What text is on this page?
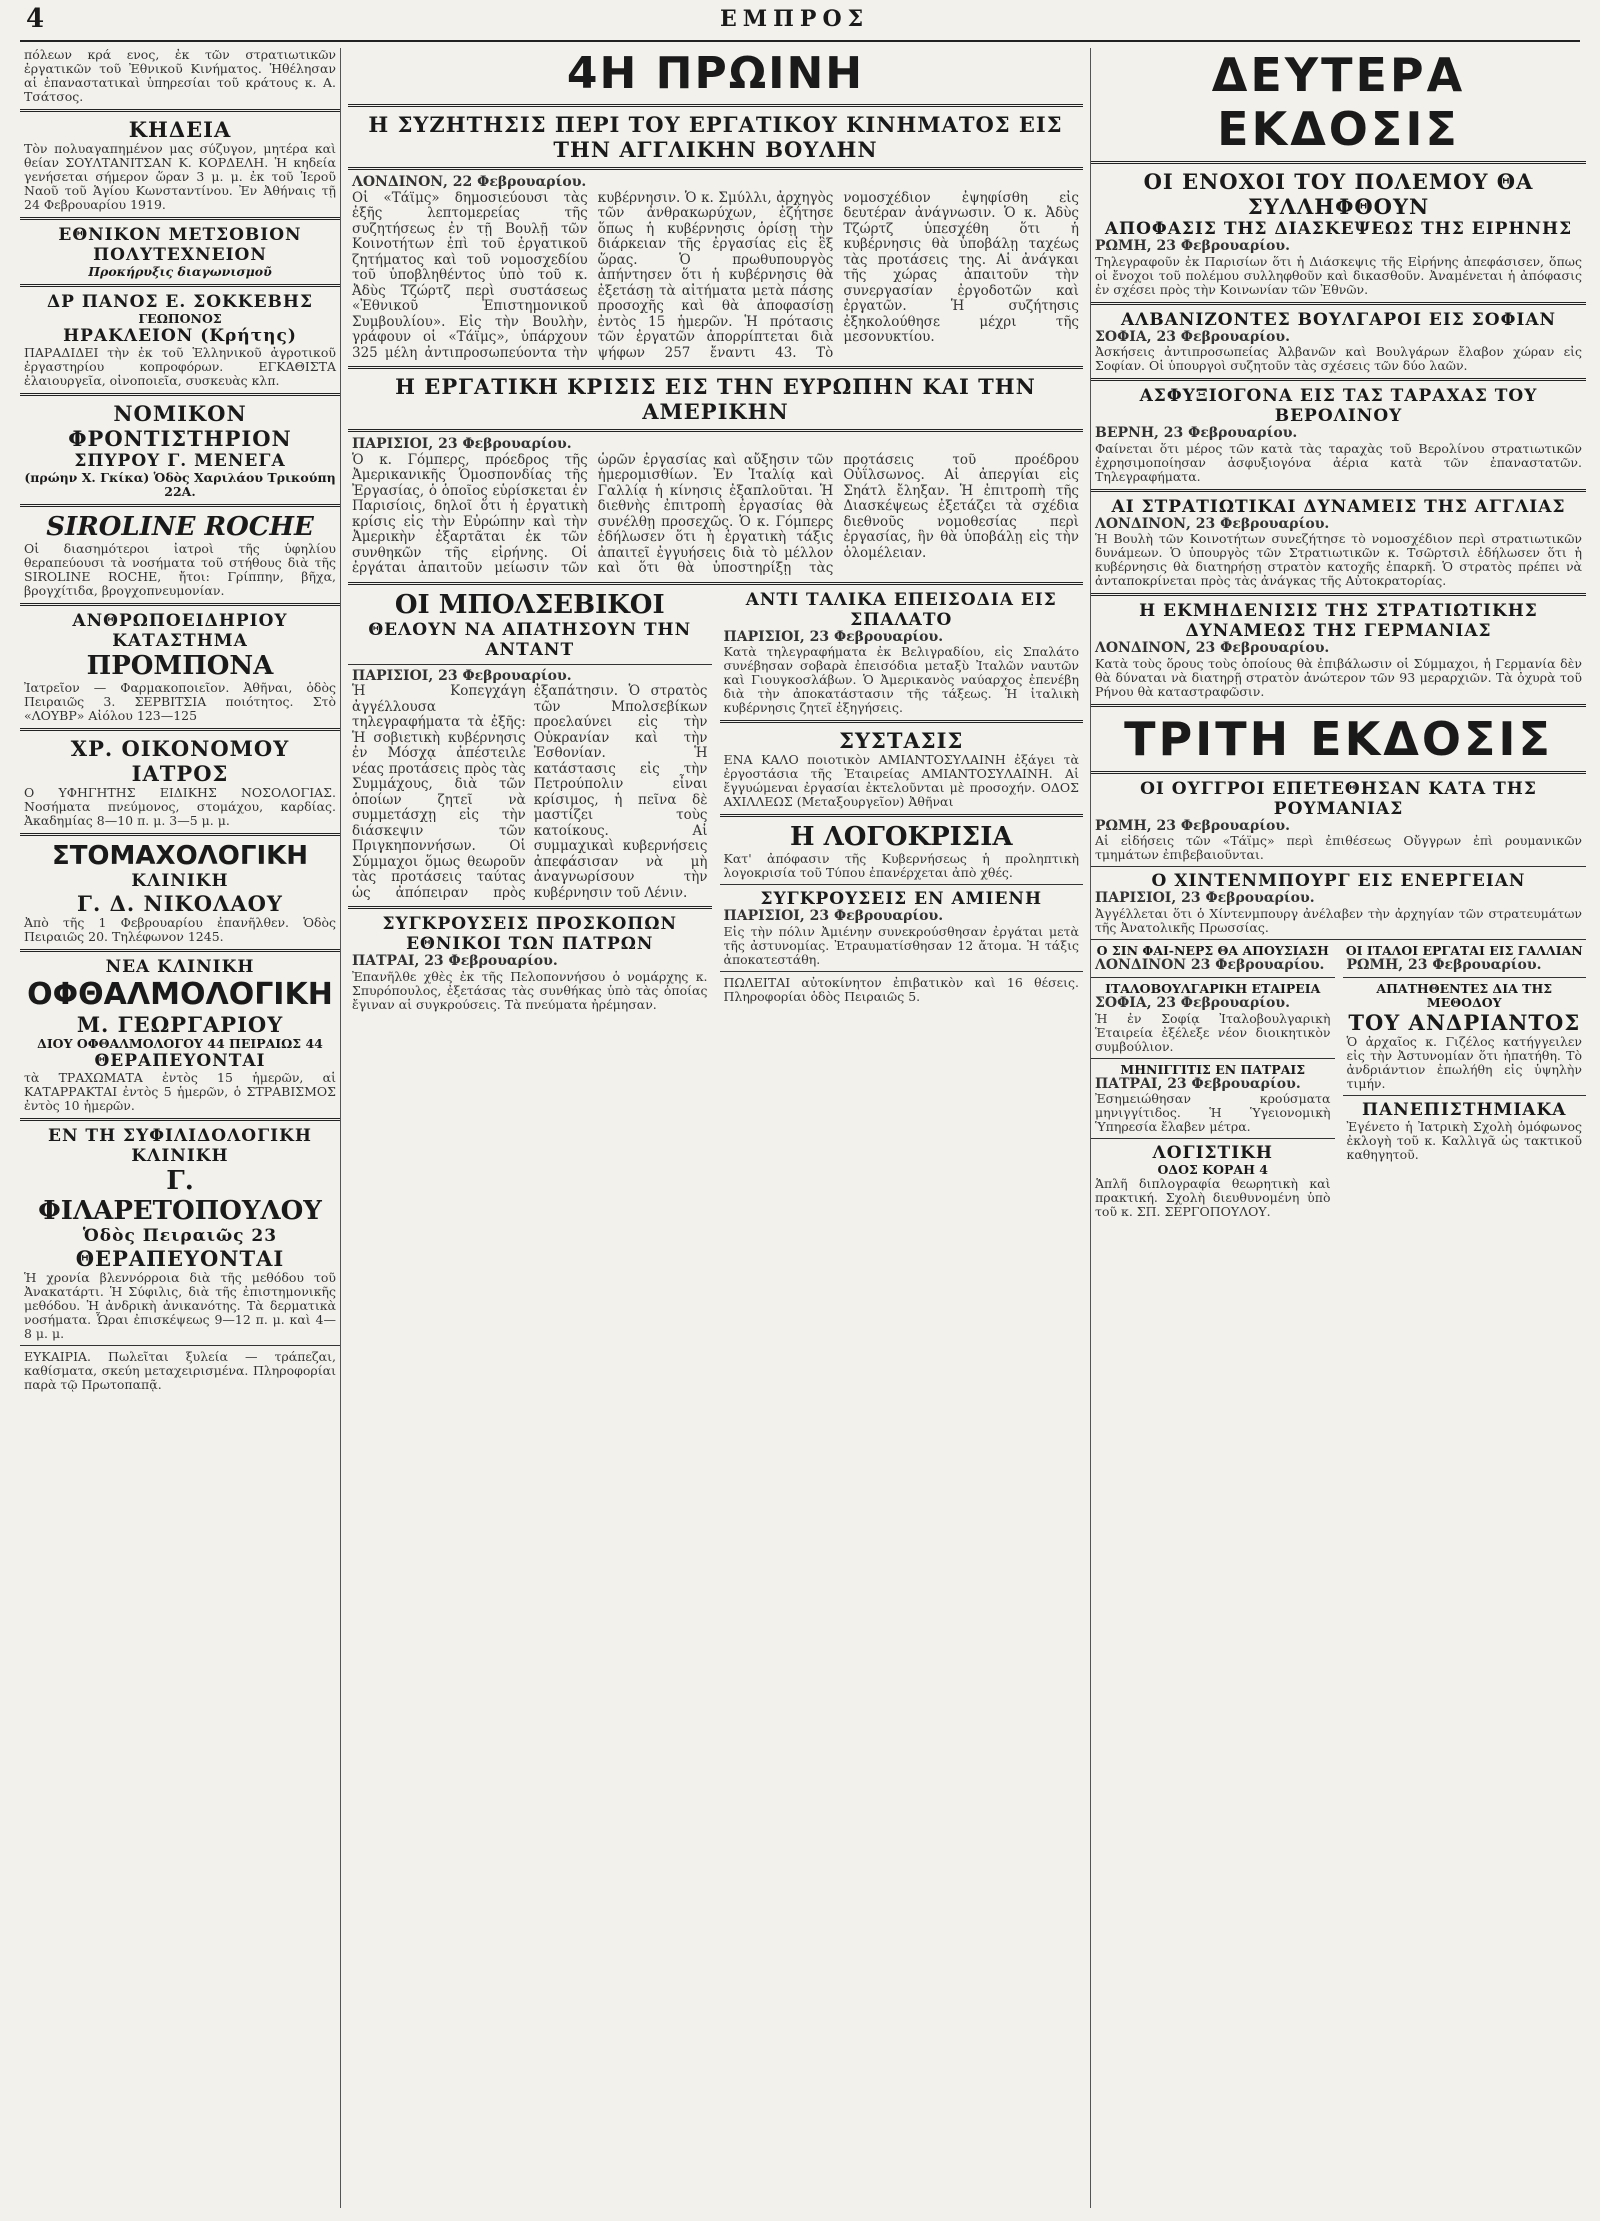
4	ΕΜΠΡΟΣ

πόλεων κρά ενος, ἐκ τῶν στρατιωτικῶν ἐργατικῶν τοῦ Ἐθνικοῦ Κινήματος. Ἡθέλησαν αἱ ἐπαναστατικαὶ ὑπηρεσίαι τοῦ κράτους κ. Α. Τσάτσος.

ΚΗΔΕΙΑ

Τὸν πολυαγαπημένον μας σύζυγον, μητέρα καὶ θείαν ΣΟΥΛΤΑΝΙΤΣΑΝ Κ. ΚΟΡΔΕΛΗ. Ἡ κηδεία γενήσεται σήμερον ὥραν 3 μ. μ. ἐκ τοῦ Ἱεροῦ Ναοῦ τοῦ Ἁγίου Κωνσταντίνου. Ἐν Ἀθήναις τῇ 24 Φεβρουαρίου 1919.

ΕΘΝΙΚΟΝ ΜΕΤΣΟΒΙΟΝ ΠΟΛΥΤΕΧΝΕΙΟΝ
Προκήρυξις διαγωνισμοῦ
ΔΡ ΠΑΝΟΣ Ε. ΣΟΚΚΕΒΗΣ
ΓΕΩΠΟΝΟΣ
ΗΡΑΚΛΕΙΟΝ (Κρήτης)

ΠΑΡΑΔΙΔΕΙ τὴν ἐκ τοῦ Ἑλληνικοῦ ἀγροτικοῦ ἐργαστηρίου κοπροφόρων. ΕΓΚΑΘΙΣΤΑ ἐλαιουργεῖα, οἰνοποιεῖα, συσκευὰς κλπ.

ΝΟΜΙΚΟΝ ΦΡΟΝΤΙΣΤΗΡΙΟΝ
ΣΠΥΡΟΥ Γ. ΜΕΝΕΓΑ
(πρώην Χ. Γκίκα) Ὁδὸς Χαριλάου Τρικούπη 22Α.
SIROLINE ROCHE

Οἱ διασημότεροι ἰατροὶ τῆς ὑφηλίου θεραπεύουσι τὰ νοσήματα τοῦ στήθους διὰ τῆς SIROLINE ROCHE, ἤτοι: Γρίππην, βῆχα, βρογχίτιδα, βρογχοπνευμονίαν.

ΑΝΘΡΩΠΟΕΙΔΗΡΙΟΥ ΚΑΤΑΣΤΗΜΑ
ΠΡΟΜΠΟΝΑ

Ἰατρεῖον — Φαρμακοποιεῖον. Ἀθῆναι, ὁδὸς Πειραιῶς 3. ΣΕΡΒΙΤΣΙΑ ποιότητος. Στὸ «ΛΟΥΒΡ» Αἰόλου 123—125

ΧΡ. ΟΙΚΟΝΟΜΟΥ ΙΑΤΡΟΣ

Ο ΥΦΗΓΗΤΗΣ ΕΙΔΙΚΗΣ ΝΟΣΟΛΟΓΙΑΣ. Νοσήματα πνεύμονος, στομάχου, καρδίας. Ἀκαδημίας 8—10 π. μ. 3—5 μ. μ.

ΣΤΟΜΑΧΟΛΟΓΙΚΗ
ΚΛΙΝΙΚΗ
Γ. Δ. ΝΙΚΟΛΑΟΥ

Ἀπὸ τῆς 1 Φεβρουαρίου ἐπανῆλθεν. Ὁδὸς Πειραιῶς 20. Τηλέφωνον 1245.

ΝΕΑ ΚΛΙΝΙΚΗ
ΟΦΘΑΛΜΟΛΟΓΙΚΗ
Μ. ΓΕΩΡΓΑΡΙΟΥ
ΔΙΟΥ ΟΦΘΑΛΜΟΛΟΓΟΥ 44 ΠΕΙΡΑΙΩΣ 44
ΘΕΡΑΠΕΥΟΝΤΑΙ

τὰ ΤΡΑΧΩΜΑΤΑ ἐντὸς 15 ἡμερῶν, αἱ ΚΑΤΑΡΡΑΚΤΑΙ ἐντὸς 5 ἡμερῶν, ὁ ΣΤΡΑΒΙΣΜΟΣ ἐντὸς 10 ἡμερῶν.

ΕΝ ΤΗ ΣΥΦΙΛΙΔΟΛΟΓΙΚΗ ΚΛΙΝΙΚΗ
Γ. ΦΙΛΑΡΕΤΟΠΟΥΛΟΥ
Ὁδὸς Πειραιῶς 23
ΘΕΡΑΠΕΥΟΝΤΑΙ

Ἡ χρονία βλεννόρροια διὰ τῆς μεθόδου τοῦ Ἀνακατάρτι. Ἡ Σύφιλις, διὰ τῆς ἐπιστημονικῆς μεθόδου. Ἡ ἀνδρικὴ ἀνικανότης. Τὰ δερματικὰ νοσήματα. Ὧραι ἐπισκέψεως 9—12 π. μ. καὶ 4—8 μ. μ.

ΕΥΚΑΙΡΙΑ. Πωλεῖται ξυλεία — τράπεζαι, καθίσματα, σκεύη μεταχειρισμένα. Πληροφορίαι παρὰ τῷ Πρωτοπαπᾷ.

4Η ΠΡΩΙΝΗ
Η ΣΥΖΗΤΗΣΙΣ ΠΕΡΙ ΤΟΥ ΕΡΓΑΤΙΚΟΥ ΚΙΝΗΜΑΤΟΣ ΕΙΣ ΤΗΝ ΑΓΓΛΙΚΗΝ ΒΟΥΛΗΝ

ΛΟΝΔΙΝΟΝ, 22 Φεβρουαρίου.

Οἱ «Τάϊμς» δημοσιεύουσι τὰς ἐξῆς λεπτομερείας τῆς συζητήσεως ἐν τῇ Βουλῇ τῶν Κοινοτήτων ἐπὶ τοῦ ἐργατικοῦ ζητήματος καὶ τοῦ νομοσχεδίου τοῦ ὑποβληθέντος ὑπὸ τοῦ κ. Ἀδὺς Τζώρτζ περὶ συστάσεως «Ἐθνικοῦ Ἐπιστημονικοῦ Συμβουλίου». Εἰς τὴν Βουλὴν, γράφουν οἱ «Τάϊμς», ὑπάρχουν 325 μέλη ἀντιπροσωπεύοντα τὴν κυβέρνησιν. Ὁ κ. Σμύλλι, ἀρχηγὸς τῶν ἀνθρακωρύχων, ἐζήτησε ὅπως ἡ κυβέρνησις ὁρίσῃ τὴν διάρκειαν τῆς ἐργασίας εἰς ἓξ ὥρας. Ὁ πρωθυπουργὸς ἀπήντησεν ὅτι ἡ κυβέρνησις θὰ ἐξετάσῃ τὰ αἰτήματα μετὰ πάσης προσοχῆς καὶ θὰ ἀποφασίσῃ ἐντὸς 15 ἡμερῶν. Ἡ πρότασις τῶν ἐργατῶν ἀπορρίπτεται διὰ ψήφων 257 ἔναντι 43. Τὸ νομοσχέδιον ἐψηφίσθη εἰς δευτέραν ἀνάγνωσιν. Ὁ κ. Ἀδὺς Τζώρτζ ὑπεσχέθη ὅτι ἡ κυβέρνησις θὰ ὑποβάλῃ ταχέως τὰς προτάσεις της. Αἱ ἀνάγκαι τῆς χώρας ἀπαιτοῦν τὴν συνεργασίαν ἐργοδοτῶν καὶ ἐργατῶν. Ἡ συζήτησις ἐξηκολούθησε μέχρι τῆς μεσονυκτίου.

Η ΕΡΓΑΤΙΚΗ ΚΡΙΣΙΣ ΕΙΣ ΤΗΝ ΕΥΡΩΠΗΝ ΚΑΙ ΤΗΝ ΑΜΕΡΙΚΗΝ

ΠΑΡΙΣΙΟΙ, 23 Φεβρουαρίου.

Ὁ κ. Γόμπερς, πρόεδρος τῆς Ἀμερικανικῆς Ὁμοσπονδίας τῆς Ἐργασίας, ὁ ὁποῖος εὑρίσκεται ἐν Παρισίοις, δηλοῖ ὅτι ἡ ἐργατικὴ κρίσις εἰς τὴν Εὐρώπην καὶ τὴν Ἀμερικὴν ἐξαρτᾶται ἐκ τῶν συνθηκῶν τῆς εἰρήνης. Οἱ ἐργάται ἀπαιτοῦν μείωσιν τῶν ὡρῶν ἐργασίας καὶ αὔξησιν τῶν ἡμερομισθίων. Ἐν Ἰταλίᾳ καὶ Γαλλίᾳ ἡ κίνησις ἐξαπλοῦται. Ἡ διεθνὴς ἐπιτροπὴ ἐργασίας θὰ συνέλθῃ προσεχῶς. Ὁ κ. Γόμπερς ἐδήλωσεν ὅτι ἡ ἐργατικὴ τάξις ἀπαιτεῖ ἐγγυήσεις διὰ τὸ μέλλον καὶ ὅτι θὰ ὑποστηρίξῃ τὰς προτάσεις τοῦ προέδρου Οὐΐλσωνος. Αἱ ἀπεργίαι εἰς Σηάτλ ἔληξαν. Ἡ ἐπιτροπὴ τῆς Διασκέψεως ἐξετάζει τὰ σχέδια διεθνοῦς νομοθεσίας περὶ ἐργασίας, ἣν θὰ ὑποβάλῃ εἰς τὴν ὁλομέλειαν.

ΟΙ ΜΠΟΛΣΕΒΙΚΟΙ
ΘΕΛΟΥΝ ΝΑ ΑΠΑΤΗΣΟΥΝ ΤΗΝ ΑΝΤΑΝΤ

ΠΑΡΙΣΙΟΙ, 23 Φεβρουαρίου.

Ἡ Κοπεγχάγη ἀγγέλλουσα τηλεγραφήματα τὰ ἐξῆς: Ἡ σοβιετικὴ κυβέρνησις ἐν Μόσχᾳ ἀπέστειλε νέας προτάσεις πρὸς τὰς Συμμάχους, διὰ τῶν ὁποίων ζητεῖ νὰ συμμετάσχῃ εἰς τὴν διάσκεψιν τῶν Πριγκηποννήσων. Οἱ Σύμμαχοι ὅμως θεωροῦν τὰς προτάσεις ταύτας ὡς ἀπόπειραν πρὸς ἐξαπάτησιν. Ὁ στρατὸς τῶν Μπολσεβίκων προελαύνει εἰς τὴν Οὐκρανίαν καὶ τὴν Ἐσθονίαν. Ἡ κατάστασις εἰς τὴν Πετρούπολιν εἶναι κρίσιμος, ἡ πεῖνα δὲ μαστίζει τοὺς κατοίκους. Αἱ συμμαχικαὶ κυβερνήσεις ἀπεφάσισαν νὰ μὴ ἀναγνωρίσουν τὴν κυβέρνησιν τοῦ Λένιν.

ΣΥΓΚΡΟΥΣΕΙΣ ΠΡΟΣΚΟΠΩΝ ΕΘΝΙΚΟΙ ΤΩΝ ΠΑΤΡΩΝ

ΠΑΤΡΑΙ, 23 Φεβρουαρίου.

Ἐπανῆλθε χθὲς ἐκ τῆς Πελοποννήσου ὁ νομάρχης κ. Σπυρόπουλος, ἐξετάσας τὰς συνθήκας ὑπὸ τὰς ὁποίας ἔγιναν αἱ συγκρούσεις. Τὰ πνεύματα ἠρέμησαν.

ΑΝΤΙ ΤΑΛΙΚΑ ΕΠΕΙΣΟΔΙΑ ΕΙΣ ΣΠΑΛΑΤΟ

ΠΑΡΙΣΙΟΙ, 23 Φεβρουαρίου.

Κατὰ τηλεγραφήματα ἐκ Βελιγραδίου, εἰς Σπαλάτο συνέβησαν σοβαρὰ ἐπεισόδια μεταξὺ Ἰταλῶν ναυτῶν καὶ Γιουγκοσλάβων. Ὁ Ἀμερικανὸς ναύαρχος ἐπενέβη διὰ τὴν ἀποκατάστασιν τῆς τάξεως. Ἡ ἰταλικὴ κυβέρνησις ζητεῖ ἐξηγήσεις.

ΣΥΣΤΑΣΙΣ

ΕΝΑ ΚΑΛΟ ποιοτικὸν ΑΜΙΑΝΤΟΣΥΛΑΙΝΗ ἐξάγει τὰ ἐργοστάσια τῆς Ἑταιρείας ΑΜΙΑΝΤΟΣΥΛΑΙΝΗ. Αἱ ἔγγυώμεναι ἐργασίαι ἐκτελοῦνται μὲ προσοχήν. ΟΔΟΣ ΑΧΙΛΛΕΩΣ (Μεταξουργεῖον) Ἀθῆναι

Η ΛΟΓΟΚΡΙΣΙΑ

Κατ' ἀπόφασιν τῆς Κυβερνήσεως ἡ προληπτικὴ λογοκρισία τοῦ Τύπου ἐπανέρχεται ἀπὸ χθές.

ΣΥΓΚΡΟΥΣΕΙΣ ΕΝ ΑΜΙΕΝΗ

ΠΑΡΙΣΙΟΙ, 23 Φεβρουαρίου.

Εἰς τὴν πόλιν Ἀμιένην συνεκρούσθησαν ἐργάται μετὰ τῆς ἀστυνομίας. Ἐτραυματίσθησαν 12 ἄτομα. Ἡ τάξις ἀποκατεστάθη.

ΠΩΛΕΙΤΑΙ αὐτοκίνητον ἐπιβατικὸν καὶ 16 θέσεις. Πληροφορίαι ὁδὸς Πειραιῶς 5.

ΔΕΥΤΕΡΑ ΕΚΔΟΣΙΣ
ΟΙ ΕΝΟΧΟΙ ΤΟΥ ΠΟΛΕΜΟΥ ΘΑ ΣΥΛΛΗΦΘΟΥΝ
ΑΠΟΦΑΣΙΣ ΤΗΣ ΔΙΑΣΚΕΨΕΩΣ ΤΗΣ ΕΙΡΗΝΗΣ

ΡΩΜΗ, 23 Φεβρουαρίου.

Τηλεγραφοῦν ἐκ Παρισίων ὅτι ἡ Διάσκεψις τῆς Εἰρήνης ἀπεφάσισεν, ὅπως οἱ ἔνοχοι τοῦ πολέμου συλληφθοῦν καὶ δικασθοῦν. Ἀναμένεται ἡ ἀπόφασις ἐν σχέσει πρὸς τὴν Κοινωνίαν τῶν Ἐθνῶν.

ΑΛΒΑΝΙΖΟΝΤΕΣ ΒΟΥΛΓΑΡΟΙ ΕΙΣ ΣΟΦΙΑΝ

ΣΟΦΙΑ, 23 Φεβρουαρίου.

Ἀσκήσεις ἀντιπροσωπείας Ἀλβανῶν καὶ Βουλγάρων ἔλαβον χώραν εἰς Σοφίαν. Οἱ ὑπουργοὶ συζητοῦν τὰς σχέσεις τῶν δύο λαῶν.

ΑΣΦΥΞΙΟΓΟΝΑ ΕΙΣ ΤΑΣ ΤΑΡΑΧΑΣ ΤΟΥ ΒΕΡΟΛΙΝΟΥ

ΒΕΡΝΗ, 23 Φεβρουαρίου.

Φαίνεται ὅτι μέρος τῶν κατὰ τὰς ταραχὰς τοῦ Βερολίνου στρατιωτικῶν ἐχρησιμοποίησαν ἀσφυξιογόνα ἀέρια κατὰ τῶν ἐπαναστατῶν. Τηλεγραφήματα.

ΑΙ ΣΤΡΑΤΙΩΤΙΚΑΙ ΔΥΝΑΜΕΙΣ ΤΗΣ ΑΓΓΛΙΑΣ

ΛΟΝΔΙΝΟΝ, 23 Φεβρουαρίου.

Ἡ Βουλὴ τῶν Κοινοτήτων συνεζήτησε τὸ νομοσχέδιον περὶ στρατιωτικῶν δυνάμεων. Ὁ ὑπουργὸς τῶν Στρατιωτικῶν κ. Τσῶρτσιλ ἐδήλωσεν ὅτι ἡ κυβέρνησις θὰ διατηρήσῃ στρατὸν κατοχῆς ἐπαρκῆ. Ὁ στρατὸς πρέπει νὰ ἀνταποκρίνεται πρὸς τὰς ἀνάγκας τῆς Αὐτοκρατορίας.

Η ΕΚΜΗΔΕΝΙΣΙΣ ΤΗΣ ΣΤΡΑΤΙΩΤΙΚΗΣ ΔΥΝΑΜΕΩΣ ΤΗΣ ΓΕΡΜΑΝΙΑΣ

ΛΟΝΔΙΝΟΝ, 23 Φεβρουαρίου.

Κατὰ τοὺς ὅρους τοὺς ὁποίους θὰ ἐπιβάλωσιν οἱ Σύμμαχοι, ἡ Γερμανία δὲν θὰ δύναται νὰ διατηρῇ στρατὸν ἀνώτερον τῶν 93 μεραρχιῶν. Τὰ ὀχυρὰ τοῦ Ρήνου θὰ καταστραφῶσιν.

ΤΡΙΤΗ ΕΚΔΟΣΙΣ
ΟΙ ΟΥΓΓΡΟΙ ΕΠΕΤΕΘΗΣΑΝ ΚΑΤΑ ΤΗΣ ΡΟΥΜΑΝΙΑΣ

ΡΩΜΗ, 23 Φεβρουαρίου.

Αἱ εἰδήσεις τῶν «Τάϊμς» περὶ ἐπιθέσεως Οὔγγρων ἐπὶ ρουμανικῶν τμημάτων ἐπιβεβαιοῦνται.

Ο ΧΙΝΤΕΝΜΠΟΥΡΓ ΕΙΣ ΕΝΕΡΓΕΙΑΝ

ΠΑΡΙΣΙΟΙ, 23 Φεβρουαρίου.

Ἀγγέλλεται ὅτι ὁ Χίντενμπουργ ἀνέλαβεν τὴν ἀρχηγίαν τῶν στρατευμάτων τῆς Ἀνατολικῆς Πρωσσίας.

Ο ΣΙΝ ΦΑΙ-ΝΕΡΣ ΘΑ ΑΠΟΥΣΙΑΣΗ

ΛΟΝΔΙΝΟΝ 23 Φεβρουαρίου.

ΙΤΑΛΟΒΟΥΛΓΑΡΙΚΗ ΕΤΑΙΡΕΙΑ

ΣΟΦΙΑ, 23 Φεβρουαρίου.

Ἡ ἐν Σοφίᾳ Ἰταλοβουλγαρικὴ Ἑταιρεία ἐξέλεξε νέον διοικητικὸν συμβούλιον.

ΜΗΝΙΓΓΙΤΙΣ ΕΝ ΠΑΤΡΑΙΣ

ΠΑΤΡΑΙ, 23 Φεβρουαρίου.

Ἐσημειώθησαν κρούσματα μηνιγγίτιδος. Ἡ Ὑγειονομικὴ Ὑπηρεσία ἔλαβεν μέτρα.

ΛΟΓΙΣΤΙΚΗ
ΟΔΟΣ ΚΟΡΑΗ 4

Ἁπλῆ διπλογραφία θεωρητικὴ καὶ πρακτική. Σχολὴ διευθυνομένη ὑπὸ τοῦ κ. ΣΠ. ΣΕΡΓΟΠΟΥΛΟΥ.

ΟΙ ΙΤΑΛΟΙ ΕΡΓΑΤΑΙ ΕΙΣ ΓΑΛΛΙΑΝ

ΡΩΜΗ, 23 Φεβρουαρίου.

ΑΠΑΤΗΘΕΝΤΕΣ ΔΙΑ ΤΗΣ ΜΕΘΟΔΟΥ
ΤΟΥ ΑΝΔΡΙΑΝΤΟΣ

Ὁ ἀρχαῖος κ. Γιζέλος κατήγγειλεν εἰς τὴν Ἀστυνομίαν ὅτι ἠπατήθη. Τὸ ἀνδριάντιον ἐπωλήθη εἰς ὑψηλὴν τιμήν.

ΠΑΝΕΠΙΣΤΗΜΙΑΚΑ

Ἐγένετο ἡ Ἰατρικὴ Σχολὴ ὁμόφωνος ἐκλογὴ τοῦ κ. Καλλιγᾶ ὡς τακτικοῦ καθηγητοῦ.
